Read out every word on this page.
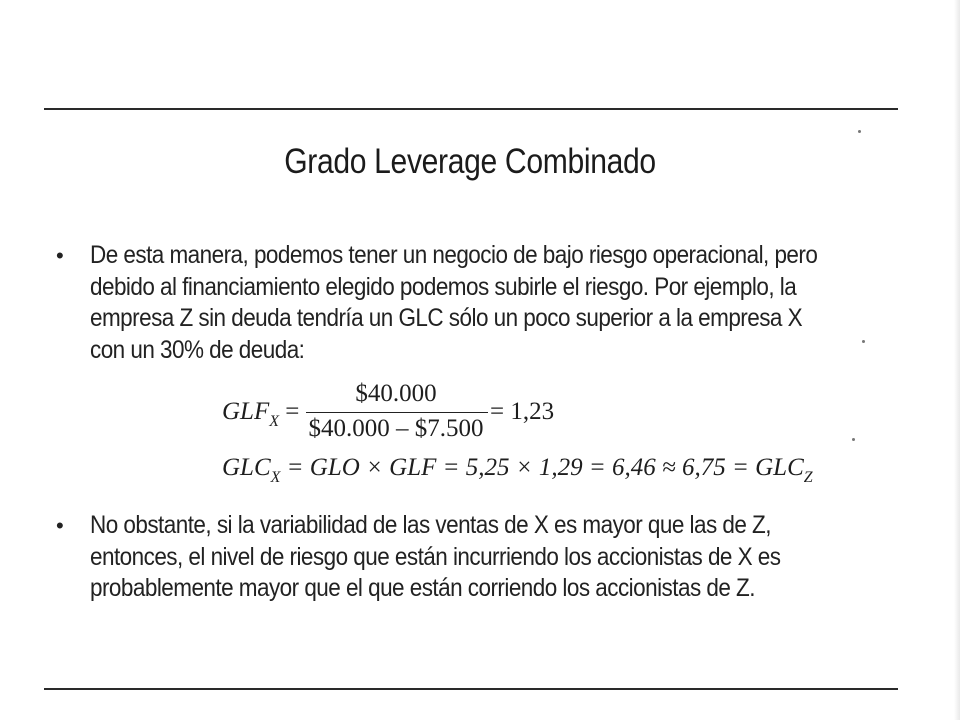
Grado Leverage Combinado
• De esta manera, podemos tener un negocio de bajo riesgo operacional, pero
debido al financiamiento elegido podemos subirle el riesgo. Por ejemplo, la
empresa Z sin deuda tendría un GLC sólo un poco superior a la empresa X
con un 30% de deuda:
$GLF_X = \frac{\$40.000}{\$40.000 - \$7.500} = 1,23$
$GLC_X$ = GLO × GLF = $5,25 \times 1,29 = 6,46 \approx 6,75 = GLC_Z$
• No obstante, si la variabilidad de las ventas de X es mayor que las de Z,
entonces, el nivel de riesgo que están incurriendo los accionistas de X es
probablemente mayor que el que están corriendo los accionistas de Z.
